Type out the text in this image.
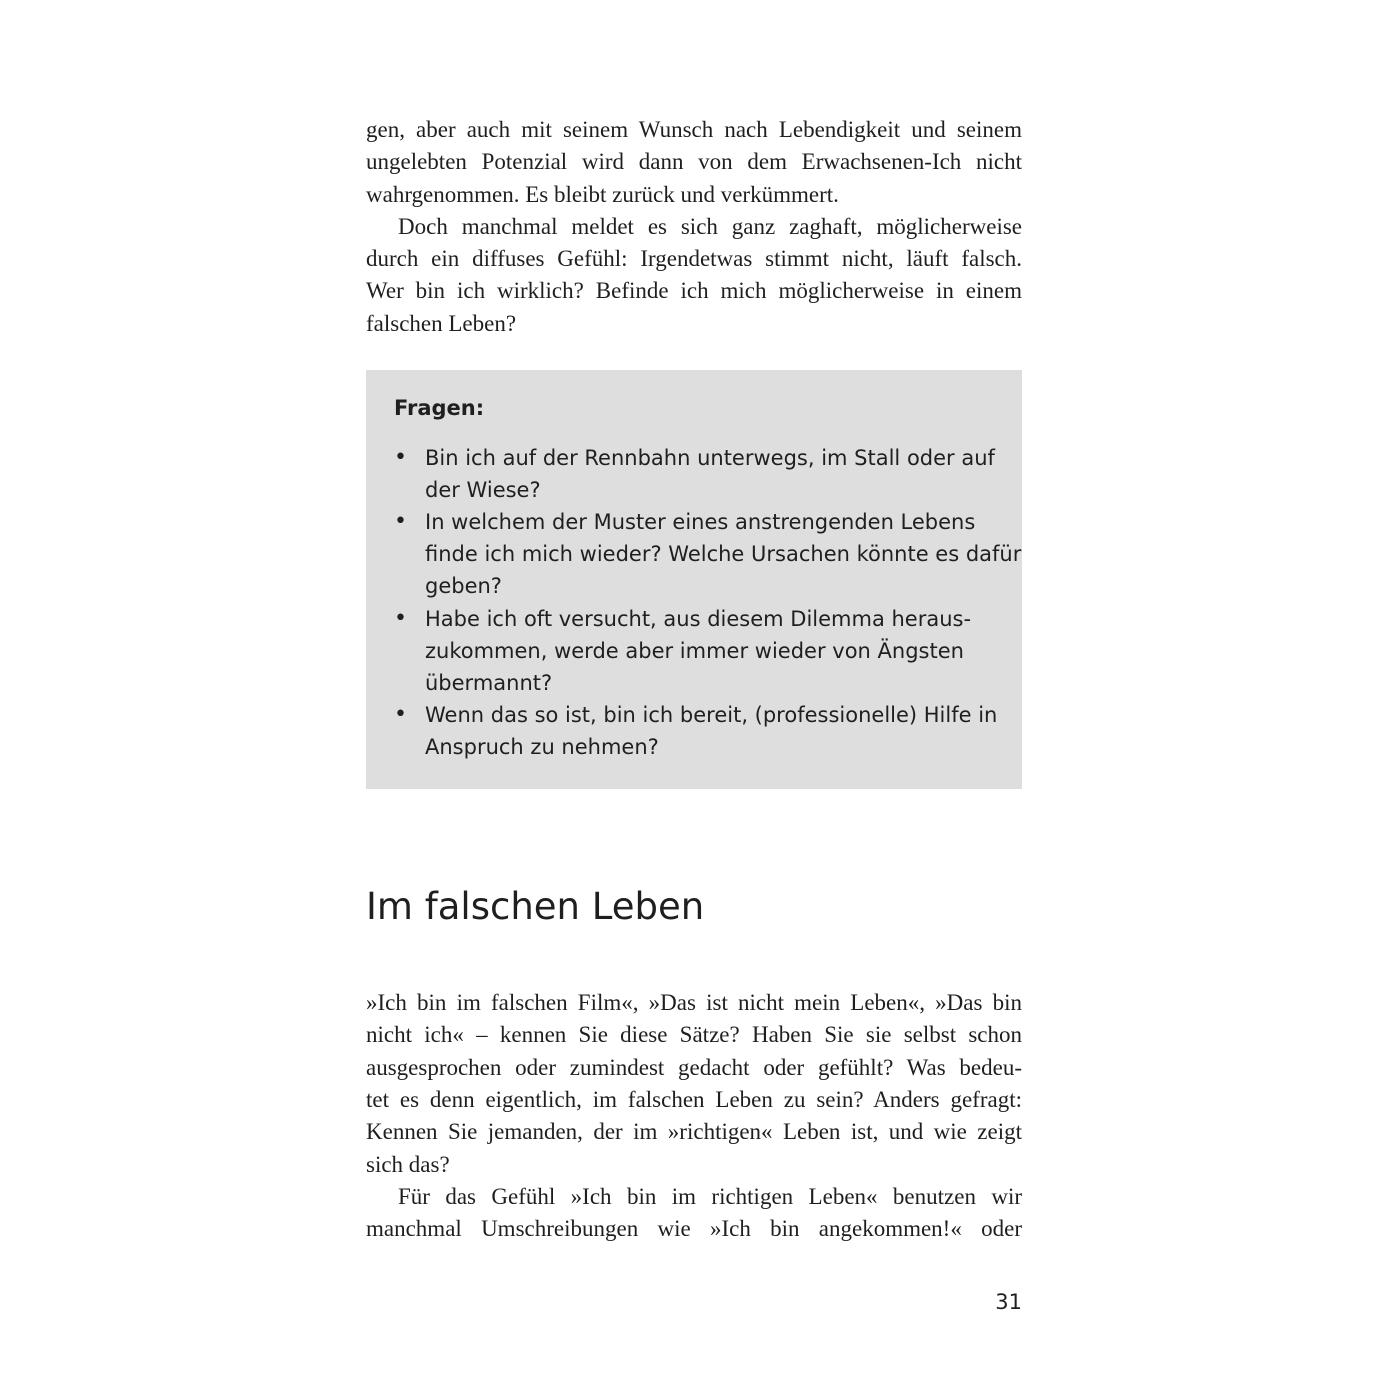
gen, aber auch mit seinem Wunsch nach Lebendigkeit und seinem
ungelebten Potenzial wird dann von dem Erwachsenen-Ich nicht
wahrgenommen. Es bleibt zurück und verkümmert.

Doch manchmal meldet es sich ganz zaghaft, möglicherweise
durch ein diffuses Gefühl: Irgendetwas stimmt nicht, läuft falsch.
Wer bin ich wirklich? Befinde ich mich möglicherweise in einem
falschen Leben?

Fragen:
• Bin ich auf der Rennbahn unterwegs, im Stall oder auf
der Wiese?
• In welchem der Muster eines anstrengenden Lebens
finde ich mich wieder? Welche Ursachen könnte es dafür
geben?
• Habe ich oft versucht, aus diesem Dilemma heraus-
zukommen, werde aber immer wieder von Ängsten
übermannt?
• Wenn das so ist, bin ich bereit, (professionelle) Hilfe in
Anspruch zu nehmen?
Im falschen Leben

»Ich bin im falschen Film«, »Das ist nicht mein Leben«, »Das bin
nicht ich« – kennen Sie diese Sätze? Haben Sie sie selbst schon
ausgesprochen oder zumindest gedacht oder gefühlt? Was bedeu-
tet es denn eigentlich, im falschen Leben zu sein? Anders gefragt:
Kennen Sie jemanden, der im »richtigen« Leben ist, und wie zeigt
sich das?

Für das Gefühl »Ich bin im richtigen Leben« benutzen wir
manchmal Umschreibungen wie »Ich bin angekommen!« oder

31
